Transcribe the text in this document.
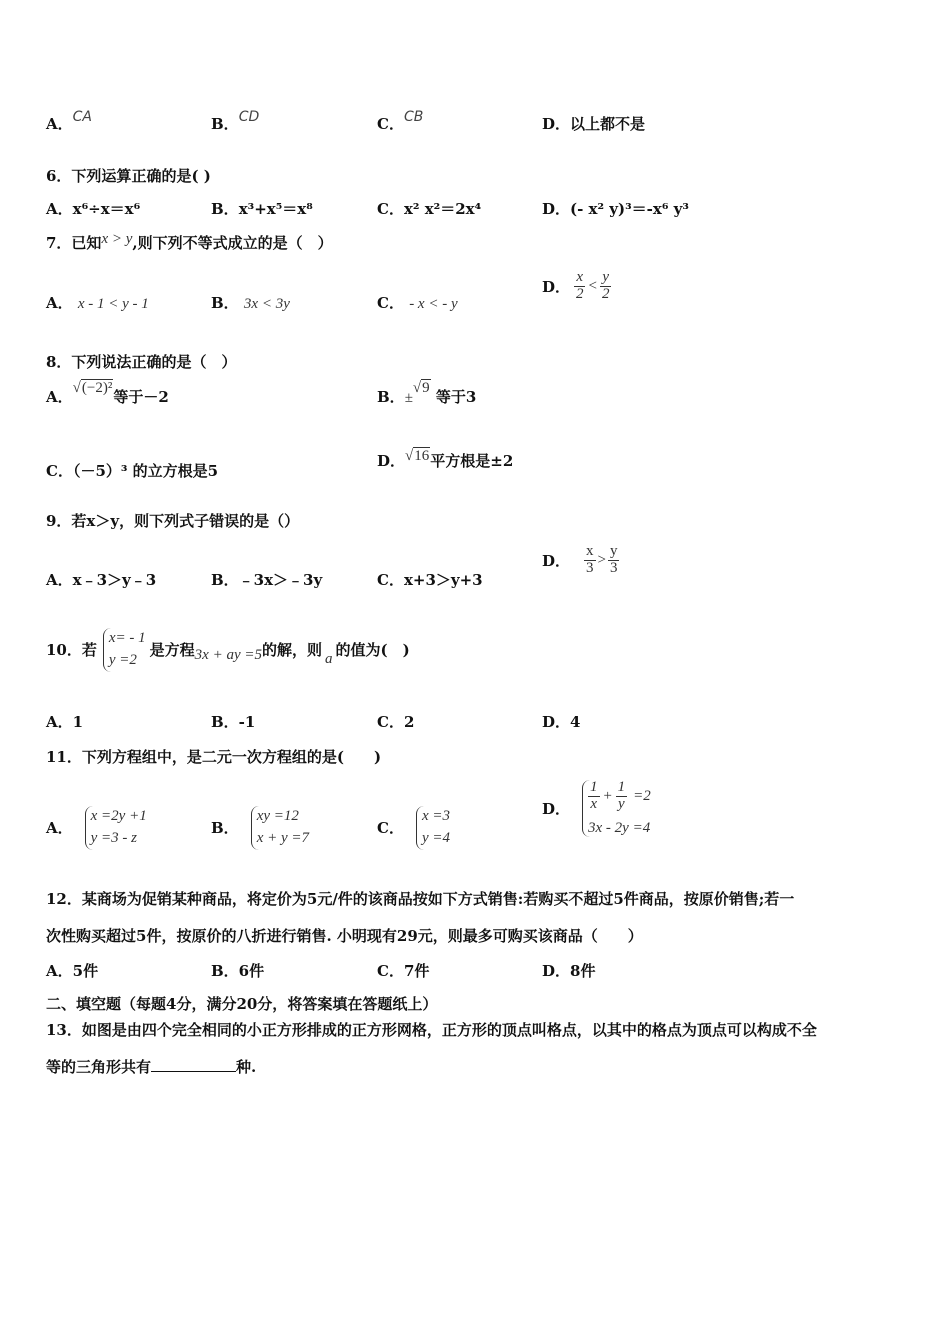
A．CA	B．CD	C．CB	D．以上都不是
6．下列运算正确的是( )
A．x⁶÷x＝x⁶	B．x³+x⁵＝x⁸	C．x² x²＝2x⁴	D．(- x² y)³＝-x⁶ y³
7．已知x > y,则下列不等式成立的是（　）
A． x - 1 < y - 1	B． 3x < 3y	C． - x < - y
D． $\frac{x}{2} < \frac{y}{2}$
8．下列说法正确的是（　）
A．√(−2)²等于－2	B．±√9 等于3
C．（－5）³ 的立方根是5
D．√16平方根是±2
9．若x＞y，则下列式子错误的是（）
A．x﹣3＞y﹣3	B．﹣3x＞﹣3y	C．x+3＞y+3
D． $\frac{x}{3} > \frac{y}{3}$
10．若
x= - 1
y =2
是方程 3x + ay =5 的解，则 a 的值为(　)
A．1	B．-1	C．2	D．4
11．下列方程组中，是二元一次方程组的是(　　)
A．
x =2y +1
y =3 - z
B．
xy =12
x + y =7
C．
x =3
y =4
D． $\frac{1}{x} + \frac{1}{y} =2$
3x - 2y =4
12．某商场为促销某种商品，将定价为5元/件的该商品按如下方式销售:若购买不超过5件商品，按原价销售;若一
次性购买超过5件，按原价的八折进行销售. 小明现有29元，则最多可购买该商品（　　）
A．5件	B．6件	C．7件	D．8件
二、填空题（每题4分，满分20分，将答案填在答题纸上）
13．如图是由四个完全相同的小正方形排成的正方形网格，正方形的顶点叫格点，以其中的格点为顶点可以构成不全
等的三角形共有	种.
